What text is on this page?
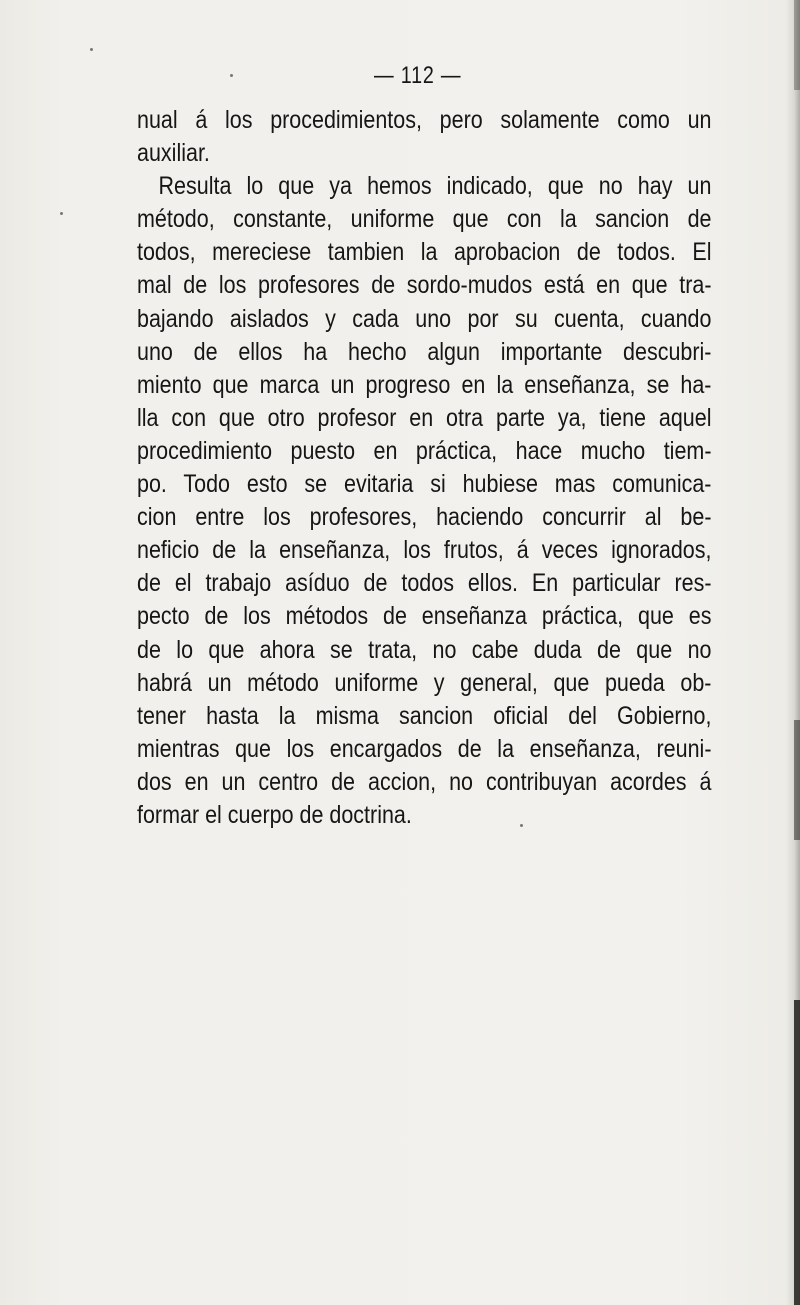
— 112 —
nual á los procedimientos, pero solamente como un
auxiliar.
Resulta lo que ya hemos indicado, que no hay un
método, constante, uniforme que con la sancion de
todos, mereciese tambien la aprobacion de todos. El
mal de los profesores de sordo-mudos está en que tra-
bajando aislados y cada uno por su cuenta, cuando
uno de ellos ha hecho algun importante descubri-
miento que marca un progreso en la enseñanza, se ha-
lla con que otro profesor en otra parte ya, tiene aquel
procedimiento puesto en práctica, hace mucho tiem-
po. Todo esto se evitaria si hubiese mas comunica-
cion entre los profesores, haciendo concurrir al be-
neficio de la enseñanza, los frutos, á veces ignorados,
de el trabajo asíduo de todos ellos. En particular res-
pecto de los métodos de enseñanza práctica, que es
de lo que ahora se trata, no cabe duda de que no
habrá un método uniforme y general, que pueda ob-
tener hasta la misma sancion oficial del Gobierno,
mientras que los encargados de la enseñanza, reuni-
dos en un centro de accion, no contribuyan acordes á
formar el cuerpo de doctrina.
